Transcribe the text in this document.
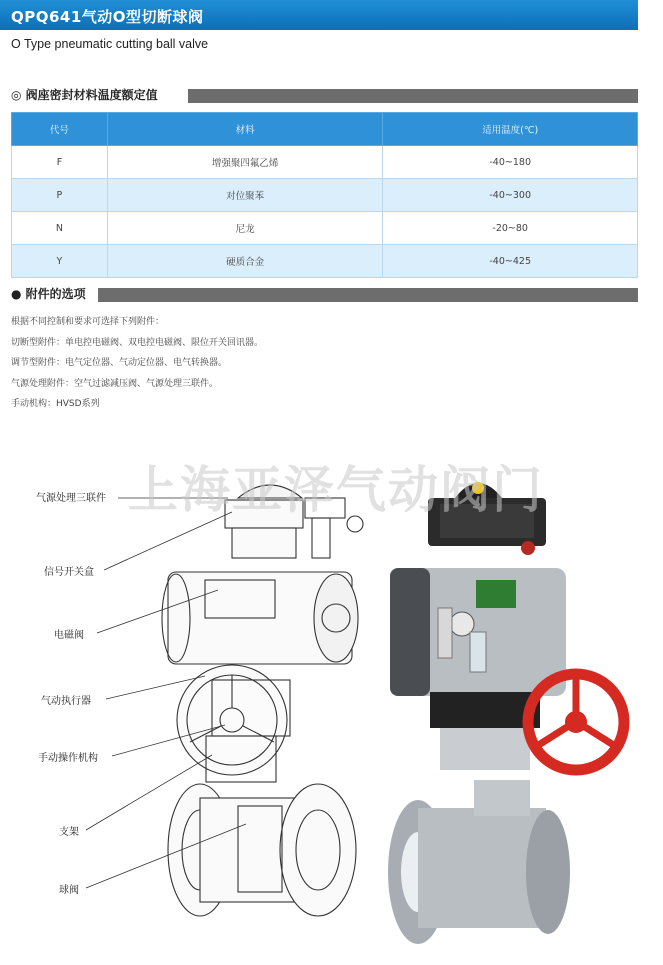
QPQ641气动O型切断球阀
O Type pneumatic cutting ball valve
◎ 阀座密封材料温度额定值
代号	材料	适用温度(℃)
F	增强聚四氟乙烯	-40~180
P	对位聚苯	-40~300
N	尼龙	-20~80
Y	硬质合金	-40~425
● 附件的选项
根据不同控制和要求可选择下列附件：
切断型附件：单电控电磁阀、双电控电磁阀、限位开关回讯器。
调节型附件：电气定位器、气动定位器、电气转换器。
气源处理附件：空气过滤减压阀、气源处理三联件。
手动机构：HVSD系列
上海亚泽气动阀门
气源处理三联件
信号开关盒
电磁阀
气动执行器
手动操作机构
支架
球阀
